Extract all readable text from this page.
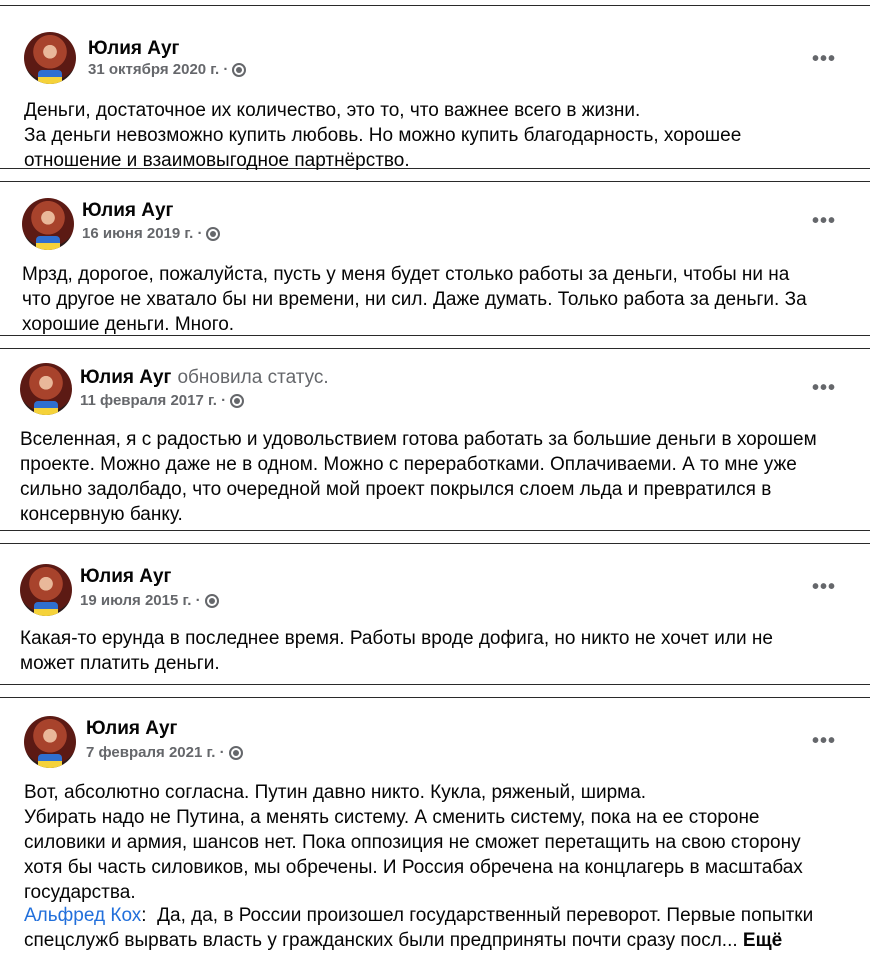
Юлия Ауг
31 октября 2020 г. ·	•••
Деньги, достаточное их количество, это то, что важнее всего в жизни.
За деньги невозможно купить любовь. Но можно купить благодарность, хорошее
отношение и взаимовыгодное партнёрство.
Юлия Ауг
16 июня 2019 г. ·
•••
Мрзд, дорогое, пожалуйста, пусть у меня будет столько работы за деньги, чтобы ни на
что другое не хватало бы ни времени, ни сил. Даже думать. Только работа за деньги. За
хорошие деньги. Много.
Юлия Ауг обновила статус.
11 февраля 2017 г. ·
•••
Вселенная, я с радостью и удовольствием готова работать за большие деньги в хорошем
проекте. Можно даже не в одном. Можно с переработками. Оплачиваеми. А то мне уже
сильно задолбадо, что очередной мой проект покрылся слоем льда и превратился в
консервную банку.
Юлия Ауг
19 июля 2015 г. ·
•••
Какая-то ерунда в последнее время. Работы вроде дофига, но никто не хочет или не
может платить деньги.
Юлия Ауг
7 февраля 2021 г. ·
•••
Вот, абсолютно согласна. Путин давно никто. Кукла, ряженый, ширма.
Убирать надо не Путина, а менять систему. А сменить систему, пока на ее стороне
силовики и армия, шансов нет. Пока оппозиция не сможет перетащить на свою сторону
хотя бы часть силовиков, мы обречены. И Россия обречена на концлагерь в масштабах
государства.
Альфред Кох:  Да, да, в России произошел государственный переворот. Первые попытки
спецслужб вырвать власть у гражданских были предприняты почти сразу посл... Ещё
